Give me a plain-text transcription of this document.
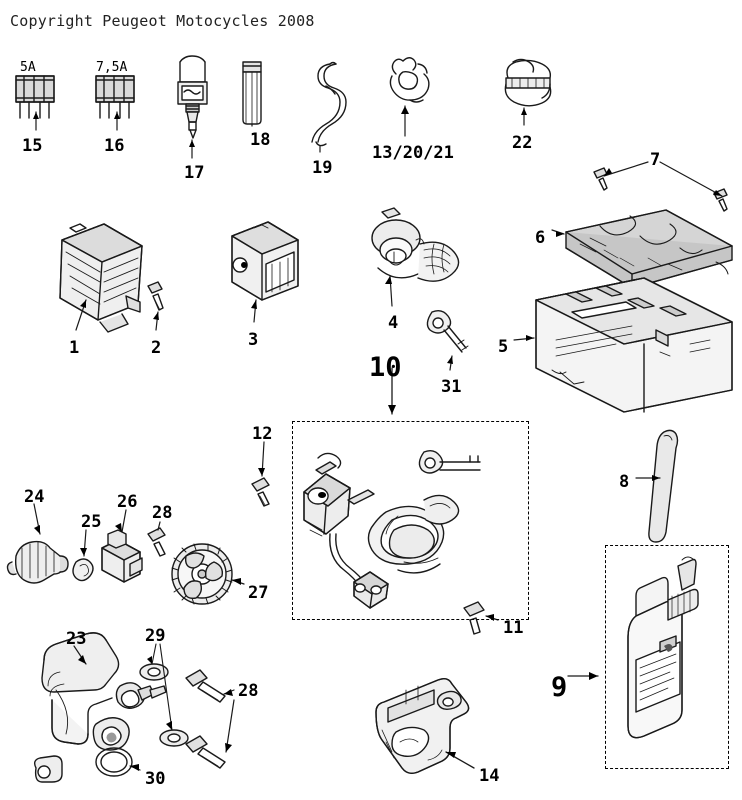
Copyright Peugeot Motocycles 2008
5A	7,5A
15	16
17
18
19
13/20/21	22
7
6
1	2	3
4
31
5
10
12
8
24
25
26
28
27
11
9
23	29
28
30	14
